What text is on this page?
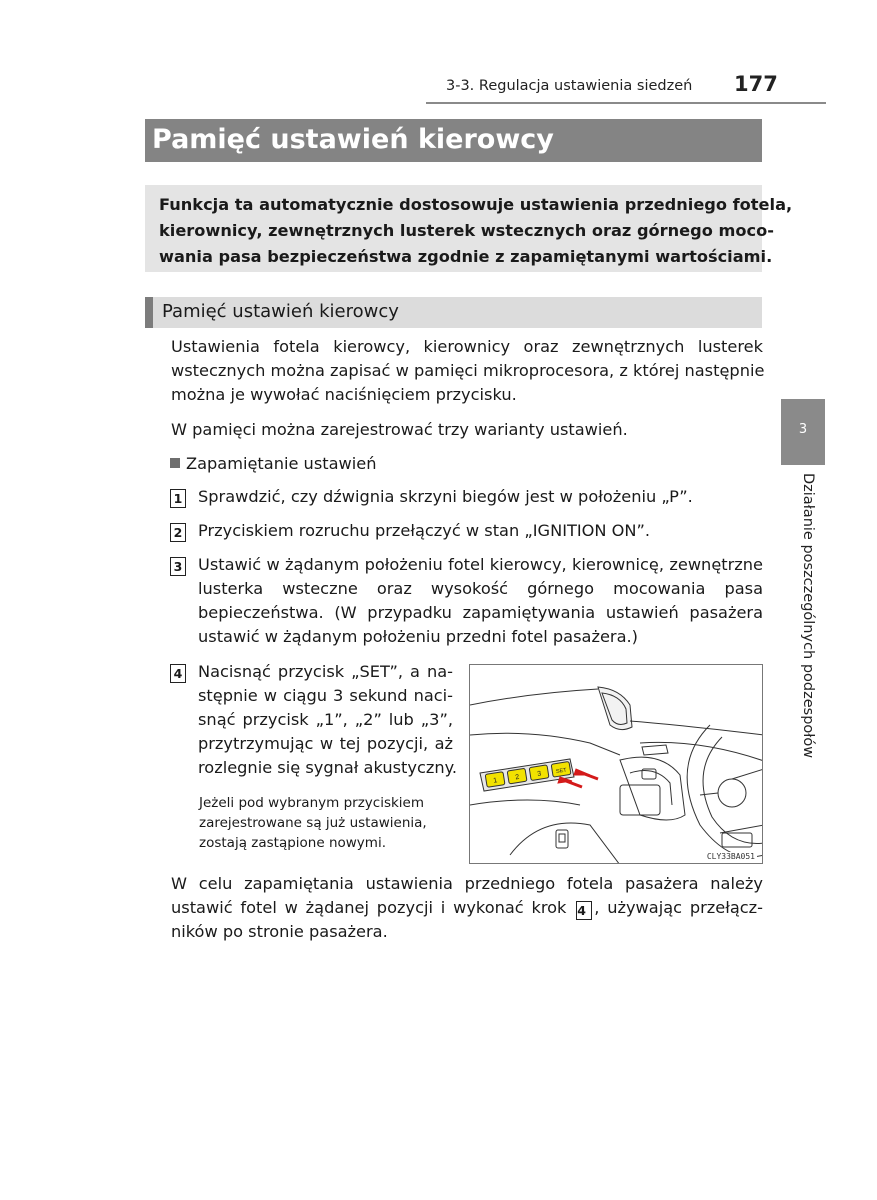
3-3. Regulacja ustawienia siedzeń 177
Pamięć ustawień kierowcy
Funkcja ta automatycznie dostosowuje ustawienia przedniego fotela,
kierownicy, zewnętrznych lusterek wstecznych oraz górnego moco-
wania pasa bezpieczeństwa zgodnie z zapamiętanymi wartościami.
Pamięć ustawień kierowcy
Ustawienia fotela kierowcy, kierownicy oraz zewnętrznych lusterek
wstecznych można zapisać w pamięci mikroprocesora, z której następnie
można je wywołać naciśnięciem przycisku.
W pamięci można zarejestrować trzy warianty ustawień.
Zapamiętanie ustawień
1 Sprawdzić, czy dźwignia skrzyni biegów jest w położeniu „P”.
2 Przyciskiem rozruchu przełączyć w stan „IGNITION ON”.
3 Ustawić w żądanym położeniu fotel kierowcy, kierownicę, zewnętrzne
lusterka wsteczne oraz wysokość górnego mocowania pasa
bepieczeństwa. (W przypadku zapamiętywania ustawień pasażera
ustawić w żądanym położeniu przedni fotel pasażera.)
4 Nacisnąć przycisk „SET”, a na-
stępnie w ciągu 3 sekund naci-
snąć przycisk „1”, „2” lub „3”,
przytrzymując w tej pozycji, aż
rozlegnie się sygnał akustyczny.
Jeżeli pod wybranym przyciskiem
zarejestrowane są już ustawienia,
zostają zastąpione nowymi.
1 2 3	SET
CLY33BA051
W celu zapamiętania ustawienia przedniego fotela pasażera należy
ustawić fotel w żądanej pozycji i wykonać krok 4 , używając przełącz-
ników po stronie pasażera.
3
Działanie poszczególnych podzespołów
